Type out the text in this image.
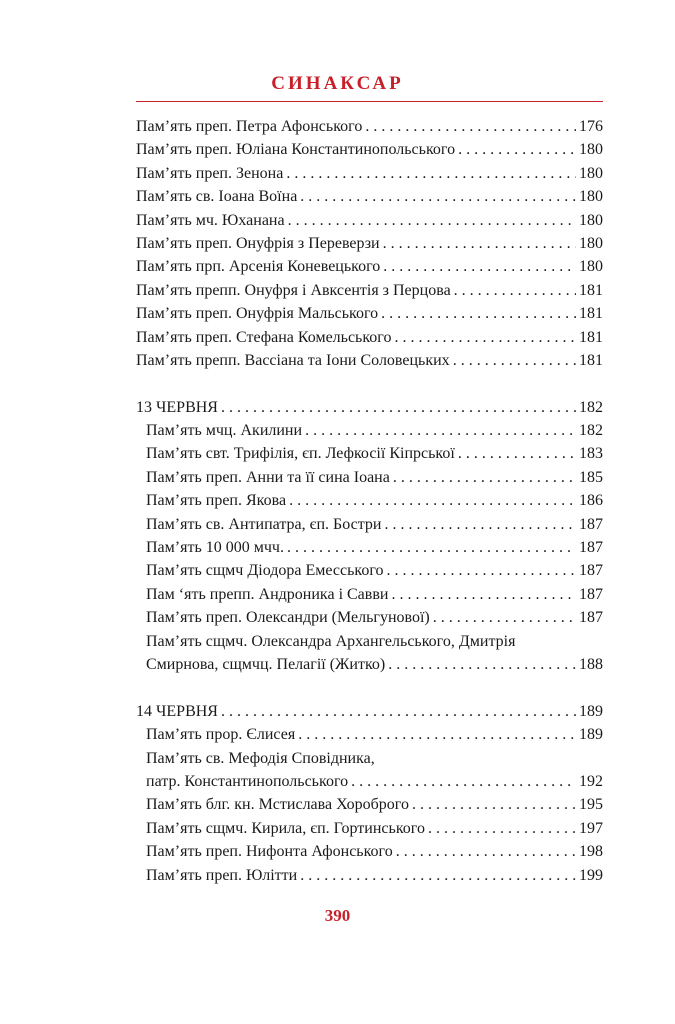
СИНАКСАР
Пам’ять преп. Петра Афонського . . .	176
Пам’ять преп. Юліана Константинопольського . . .	180
Пам’ять преп. Зенона . . .	180
Пам’ять св. Іоана Воїна . . .	180
Пам’ять мч. Юханана . . .	180
Пам’ять преп. Онуфрія з Переверзи . . .	180
Пам’ять прп. Арсенія Коневецького . . .	180
Пам’ять препп. Онуфря і Авксентія з Перцова . . .	181
Пам’ять преп. Онуфрія Мальського . . .	181
Пам’ять преп. Стефана Комельського . . .	181
Пам’ять препп. Вассіана та Іони Соловецьких . . .	181
13 ЧЕРВНЯ . . .	182
Пам’ять мчц. Акилини . . .	182
Пам’ять свт. Трифілія, єп. Лефкосії Кіпрської . . .	183
Пам’ять преп. Анни та її сина Іоана . . .	185
Пам’ять преп. Якова . . .	186
Пам’ять св. Антипатра, єп. Бостри . . .	187
Пам’ять 10 000 мчч. . . .	187
Пам’ять сщмч Діодора Емесського . . .	187
Пам ‘ять препп. Андроника і Савви . . .	187
Пам’ять преп. Олександри (Мельгунової) . . .	187
Пам’ять сщмч. Олександра Архангельського, Дмитрія
Смирнова, сщмчц. Пелагії (Житко) . . .	188
14 ЧЕРВНЯ . . .	189
Пам’ять прор. Єлисея . . .	189
Пам’ять св. Мефодія Сповідника,
патр. Константинопольського . . .	192
Пам’ять блг. кн. Мстислава Хороброго . . .	195
Пам’ять сщмч. Кирила, єп. Гортинського . . .	197
Пам’ять преп. Нифонта Афонського . . .	198
Пам’ять преп. Юлітти . . .	199
390
